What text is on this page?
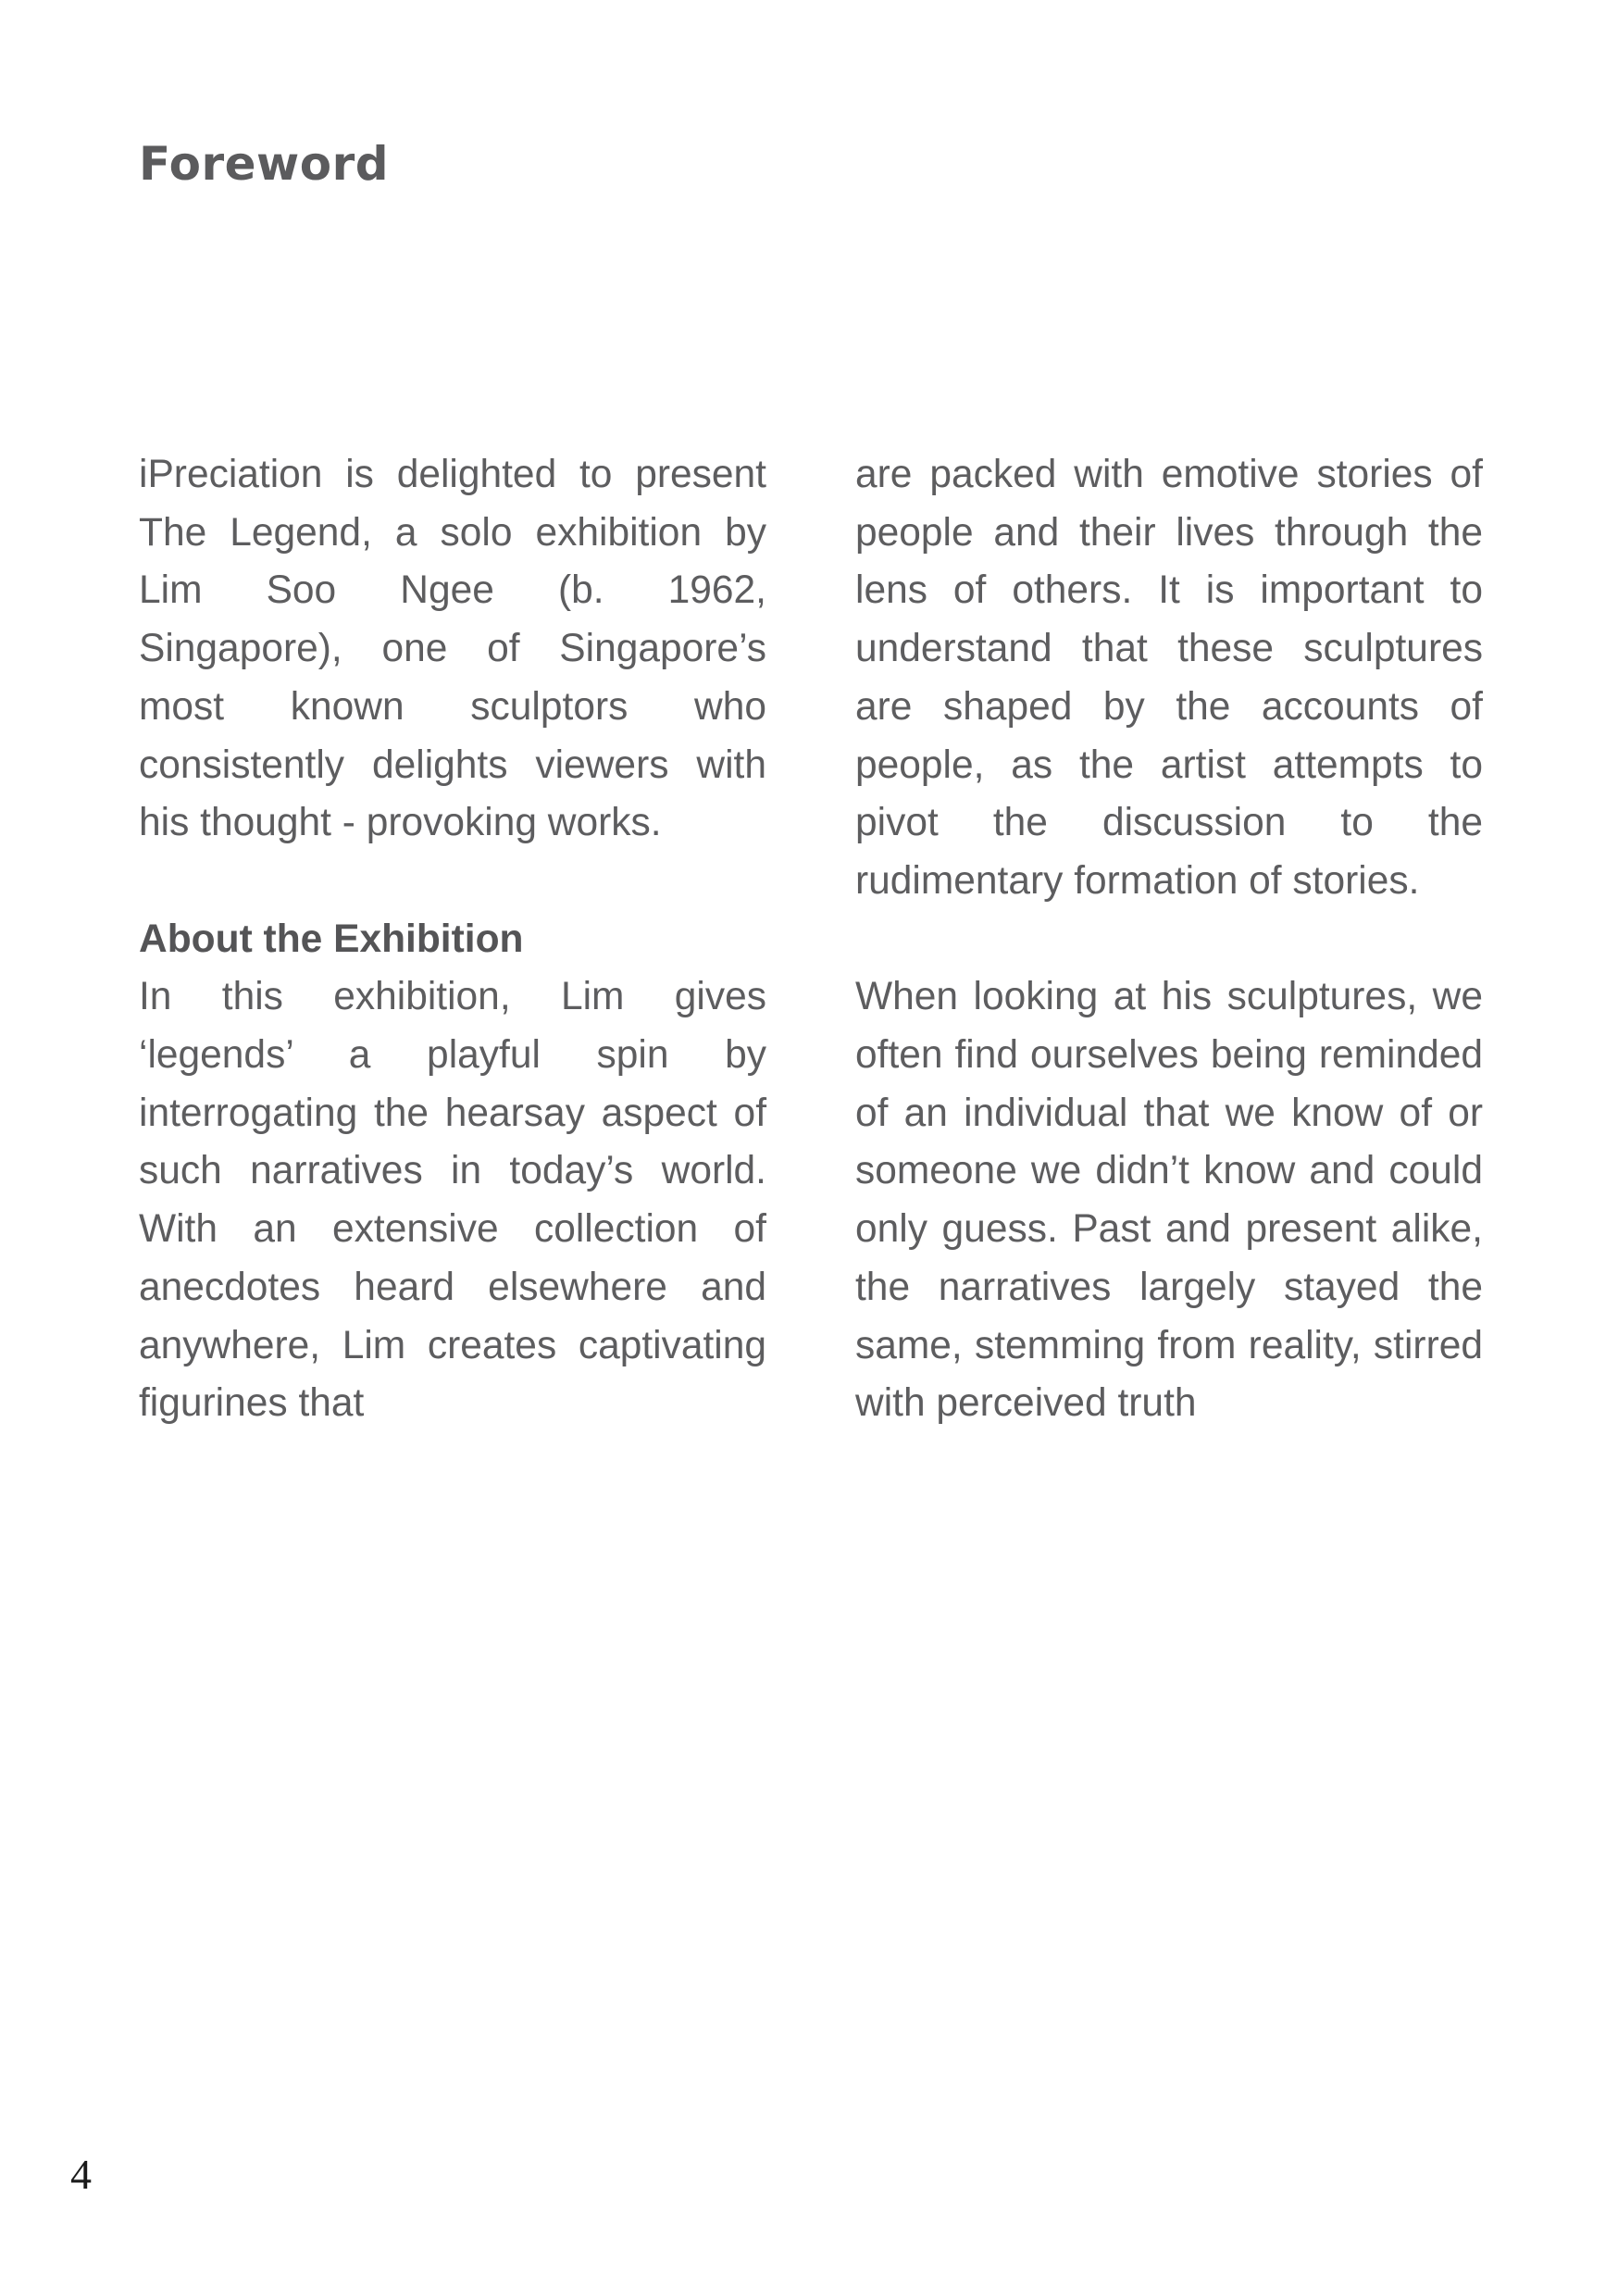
Foreword

iPreciation is delighted to present The Legend, a solo exhibition by Lim Soo Ngee (b. 1962, Singapore), one of Singapore’s most known sculptors who consistently delights viewers with his thought - provoking works.

About the Exhibition

In this exhibition, Lim gives ‘legends’ a playful spin by interrogating the hearsay aspect of such narratives in today’s world. With an extensive collection of anecdotes heard elsewhere and anywhere, Lim creates captivating figurines that

are packed with emotive stories of people and their lives through the lens of others. It is important to understand that these sculptures are shaped by the accounts of people, as the artist attempts to pivot the discussion to the rudimentary formation of stories.

When looking at his sculptures, we often find ourselves being reminded of an individual that we know of or someone we didn’t know and could only guess. Past and present alike, the narratives largely stayed the same, stemming from reality, stirred with perceived truth

4
